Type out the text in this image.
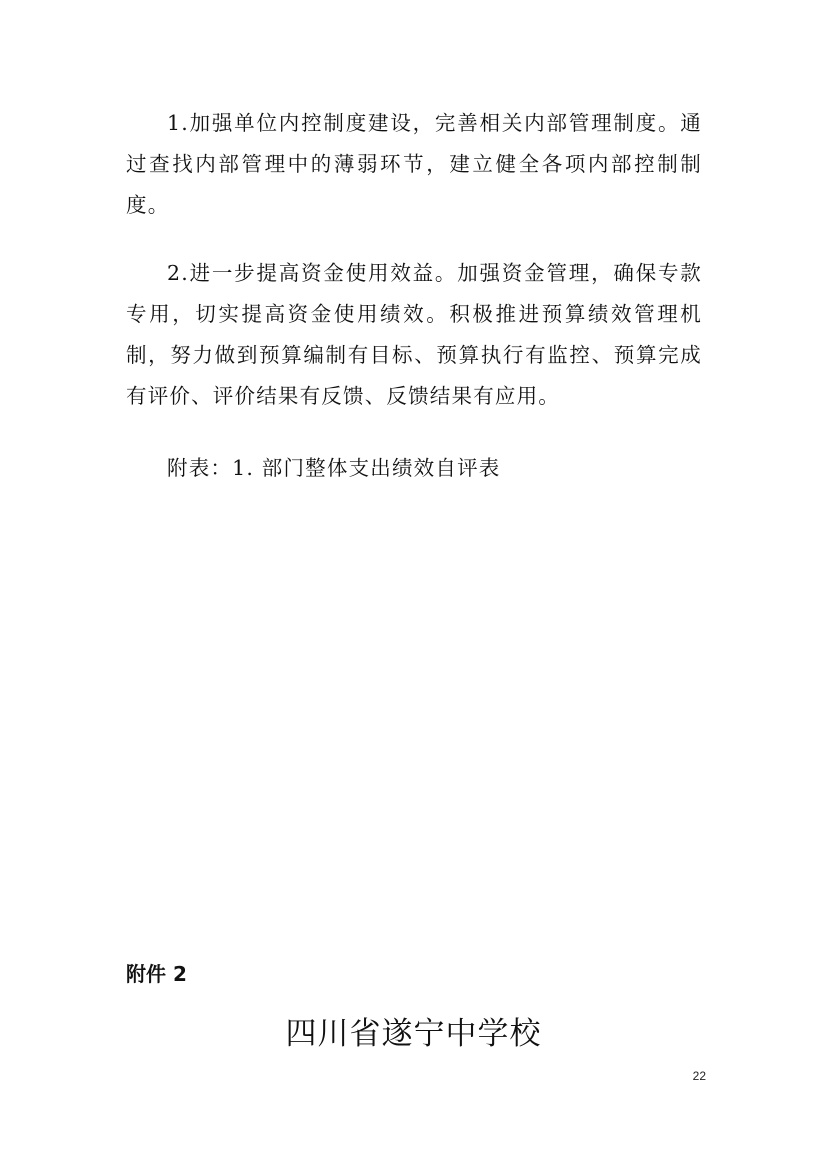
1.加强单位内控制度建设，完善相关内部管理制度。通过查找内部管理中的薄弱环节，建立健全各项内部控制制度。

2.进一步提高资金使用效益。加强资金管理，确保专款专用，切实提高资金使用绩效。积极推进预算绩效管理机制，努力做到预算编制有目标、预算执行有监控、预算完成有评价、评价结果有反馈、反馈结果有应用。

附表：1. 部门整体支出绩效自评表

附件 2

四川省遂宁中学校
22
